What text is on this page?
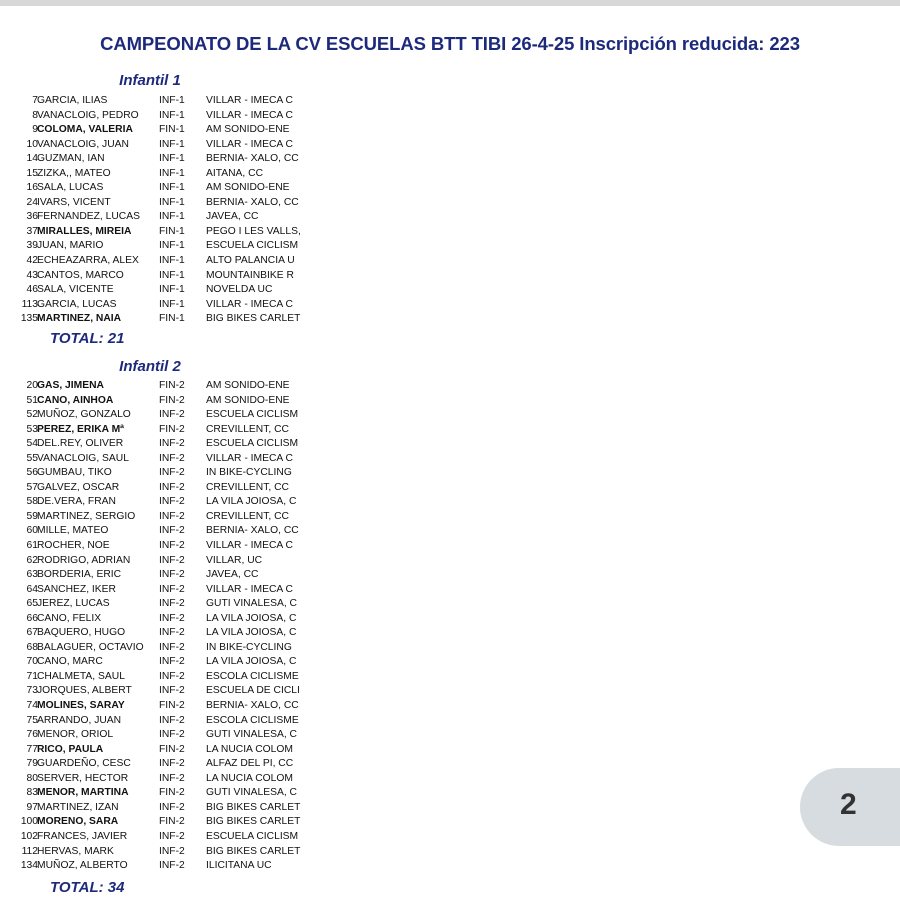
CAMPEONATO DE LA CV ESCUELAS BTT TIBI 26-4-25 Inscripción reducida: 223
Infantil 1
7 GARCIA, ILIAS	INF-1	VILLAR - IMECA C
8 VANACLOIG, PEDRO	INF-1	VILLAR - IMECA C
9 COLOMA, VALERIA	FIN-1	AM SONIDO-ENE
10 VANACLOIG, JUAN	INF-1	VILLAR - IMECA C
14 GUZMAN, IAN	INF-1	BERNIA- XALO, CC
15 ZIZKA,, MATEO	INF-1	AITANA, CC
16 SALA, LUCAS	INF-1	AM SONIDO-ENE
24 IVARS, VICENT	INF-1	BERNIA- XALO, CC
36 FERNANDEZ, LUCAS	INF-1	JAVEA, CC
37 MIRALLES, MIREIA	FIN-1	PEGO I LES VALLS,
39 JUAN, MARIO	INF-1	ESCUELA CICLISM
42 ECHEAZARRA, ALEX	INF-1	ALTO PALANCIA U
43 CANTOS, MARCO	INF-1	MOUNTAINBIKE R
46 SALA, VICENTE	INF-1	NOVELDA UC
113 GARCIA, LUCAS	INF-1	VILLAR - IMECA C
135 MARTINEZ, NAIA	FIN-1	BIG BIKES CARLET
TOTAL: 21
Infantil 2
20 GAS, JIMENA	FIN-2	AM SONIDO-ENE
51 CANO, AINHOA	FIN-2	AM SONIDO-ENE
52 MUÑOZ, GONZALO	INF-2	ESCUELA CICLISM
53 PEREZ, ERIKA Mª	FIN-2	CREVILLENT, CC
54 DEL.REY, OLIVER	INF-2	ESCUELA CICLISM
55 VANACLOIG, SAUL	INF-2	VILLAR - IMECA C
56 GUMBAU, TIKO	INF-2	IN BIKE-CYCLING
57 GALVEZ, OSCAR	INF-2	CREVILLENT, CC
58 DE.VERA, FRAN	INF-2	LA VILA JOIOSA, C
59 MARTINEZ, SERGIO	INF-2	CREVILLENT, CC
60 MILLE, MATEO	INF-2	BERNIA- XALO, CC
61 ROCHER, NOE	INF-2	VILLAR - IMECA C
62 RODRIGO, ADRIAN	INF-2	VILLAR, UC
63 BORDERIA, ERIC	INF-2	JAVEA, CC
64 SANCHEZ, IKER	INF-2	VILLAR - IMECA C
65 JEREZ, LUCAS	INF-2	GUTI VINALESA, C
66 CANO, FELIX	INF-2	LA VILA JOIOSA, C
67 BAQUERO, HUGO	INF-2	LA VILA JOIOSA, C
68 BALAGUER, OCTAVIO	INF-2	IN BIKE-CYCLING
70 CANO, MARC	INF-2	LA VILA JOIOSA, C
71 CHALMETA, SAUL	INF-2	ESCOLA CICLISME
73 JORQUES, ALBERT	INF-2	ESCUELA DE CICLI
74 MOLINES, SARAY	FIN-2	BERNIA- XALO, CC
75 ARRANDO, JUAN	INF-2	ESCOLA CICLISME
76 MENOR, ORIOL	INF-2	GUTI VINALESA, C
77 RICO, PAULA	FIN-2	LA NUCIA COLOM
79 GUARDEÑO, CESC	INF-2	ALFAZ DEL PI, CC
80 SERVER, HECTOR	INF-2	LA NUCIA COLOM
83 MENOR, MARTINA	FIN-2	GUTI VINALESA, C
97 MARTINEZ, IZAN	INF-2	BIG BIKES CARLET
100 MORENO, SARA	FIN-2	BIG BIKES CARLET
102 FRANCES, JAVIER	INF-2	ESCUELA CICLISM
112 HERVAS, MARK	INF-2	BIG BIKES CARLET
134 MUÑOZ, ALBERTO	INF-2	ILICITANA UC
TOTAL: 34
2
